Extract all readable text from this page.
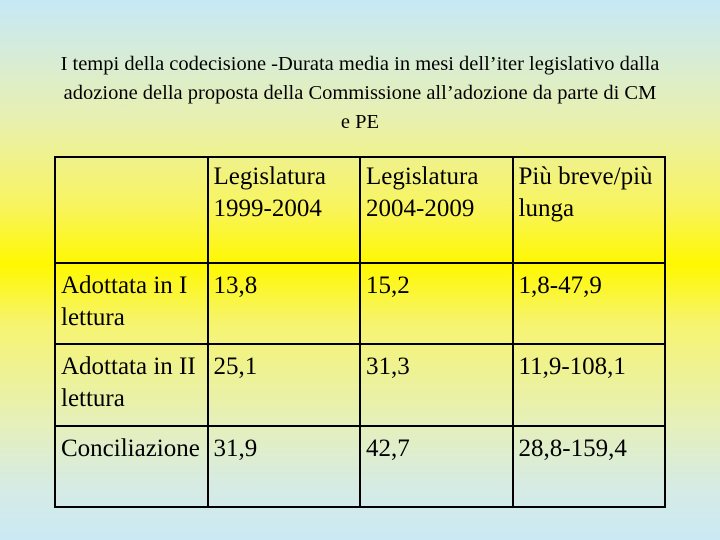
I tempi della codecisione -Durata media in mesi dell’iter legislativo dalla
adozione della proposta della Commissione all’adozione da parte di CM
e PE
	Legislatura 1999-2004	Legislatura 2004-2009	Più breve/più lunga
Adottata in I lettura	13,8	15,2	1,8-47,9
Adottata in II lettura	25,1	31,3	11,9-108,1
Conciliazione	31,9	42,7	28,8-159,4
